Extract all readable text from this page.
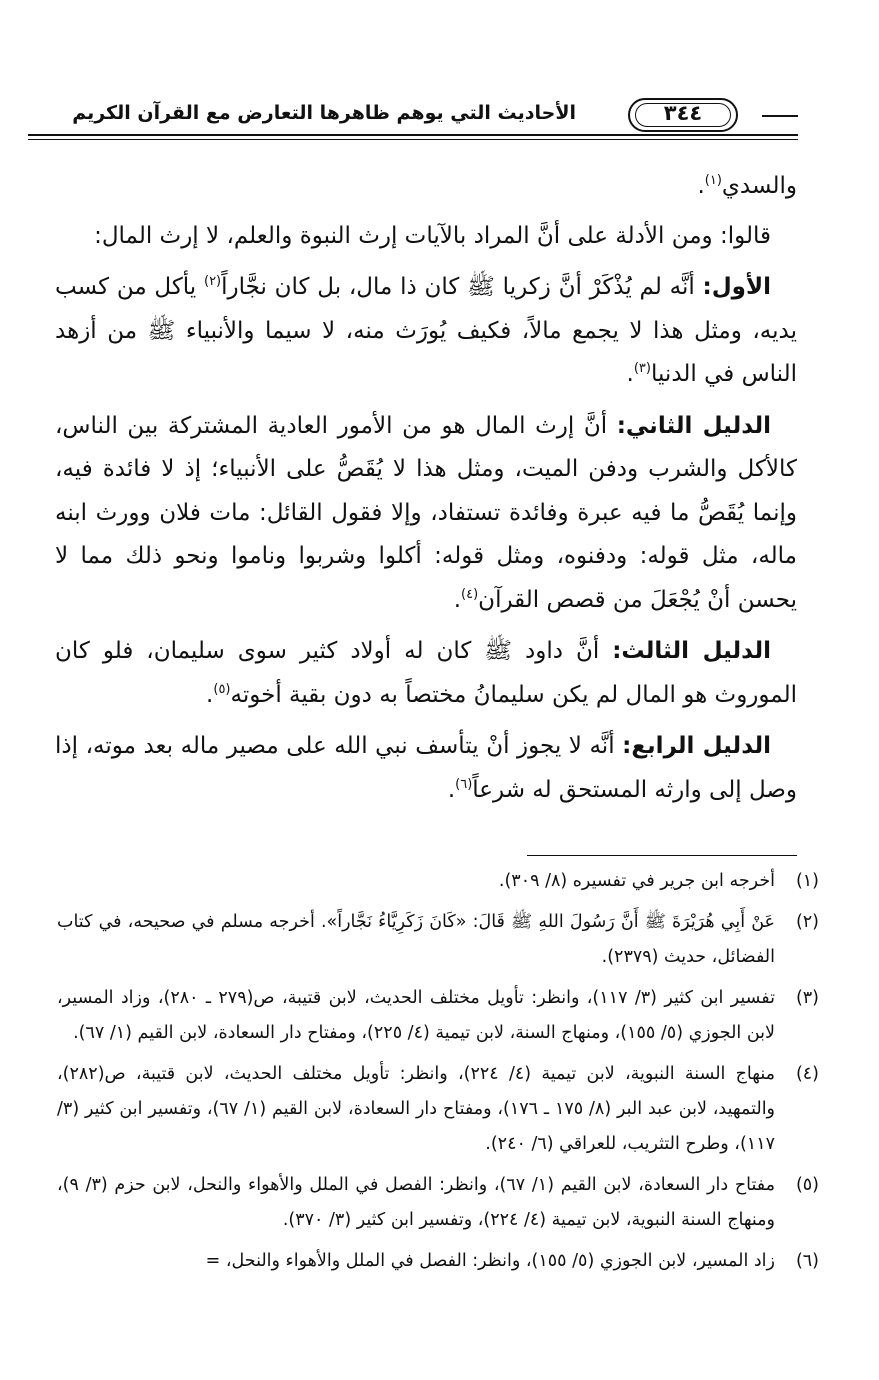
٣٤٤
الأحاديث التي يوهم ظاهرها التعارض مع القرآن الكريم

والسدي$^{(١)}$.

قالوا: ومن الأدلة على أنَّ المراد بالآيات إرث النبوة والعلم، لا إرث المال:

الأول: أنَّه لم يُذْكَرْ أنَّ زكريا ﷺ كان ذا مال، بل كان نجَّاراً$^{(٢)}$ يأكل من كسب يديه، ومثل هذا لا يجمع مالاً، فكيف يُورَث منه، لا سيما والأنبياء ﷺ من أزهد الناس في الدنيا$^{(٣)}$.

الدليل الثاني: أنَّ إرث المال هو من الأمور العادية المشتركة بين الناس، كالأكل والشرب ودفن الميت، ومثل هذا لا يُقَصُّ على الأنبياء؛ إذ لا فائدة فيه، وإنما يُقَصُّ ما فيه عبرة وفائدة تستفاد، وإلا فقول القائل: مات فلان وورث ابنه ماله، مثل قوله: ودفنوه، ومثل قوله: أكلوا وشربوا وناموا ونحو ذلك مما لا يحسن أنْ يُجْعَلَ من قصص القرآن$^{(٤)}$.

الدليل الثالث: أنَّ داود ﷺ كان له أولاد كثير سوى سليمان، فلو كان الموروث هو المال لم يكن سليمانُ مختصاً به دون بقية أخوته$^{(٥)}$.

الدليل الرابع: أنَّه لا يجوز أنْ يتأسف نبي الله على مصير ماله بعد موته، إذا وصل إلى وارثه المستحق له شرعاً$^{(٦)}$.

(١)
أخرجه ابن جرير في تفسيره (٨/ ٣٠٩).
(٢)
عَنْ أَبِي هُرَيْرَةَ ﷺ أَنَّ رَسُولَ اللهِ ﷺ قَالَ: «كَانَ زَكَرِيَّاءُ نَجَّاراً». أخرجه مسلم في صحيحه، في كتاب الفضائل، حديث (٢٣٧٩).
(٣)
تفسير ابن كثير (٣/ ١١٧)، وانظر: تأويل مختلف الحديث، لابن قتيبة، ص(٢٧٩ ـ ٢٨٠)، وزاد المسير، لابن الجوزي (٥/ ١٥٥)، ومنهاج السنة، لابن تيمية (٤/ ٢٢٥)، ومفتاح دار السعادة، لابن القيم (١/ ٦٧).
(٤)
منهاج السنة النبوية، لابن تيمية (٤/ ٢٢٤)، وانظر: تأويل مختلف الحديث، لابن قتيبة، ص(٢٨٢)، والتمهيد، لابن عبد البر (٨/ ١٧٥ ـ ١٧٦)، ومفتاح دار السعادة، لابن القيم (١/ ٦٧)، وتفسير ابن كثير (٣/ ١١٧)، وطرح التثريب، للعراقي (٦/ ٢٤٠).
(٥)
مفتاح دار السعادة، لابن القيم (١/ ٦٧)، وانظر: الفصل في الملل والأهواء والنحل، لابن حزم (٣/ ٩)، ومنهاج السنة النبوية، لابن تيمية (٤/ ٢٢٤)، وتفسير ابن كثير (٣/ ٣٧٠).
(٦)
زاد المسير، لابن الجوزي (٥/ ١٥٥)، وانظر: الفصل في الملل والأهواء والنحل، =
